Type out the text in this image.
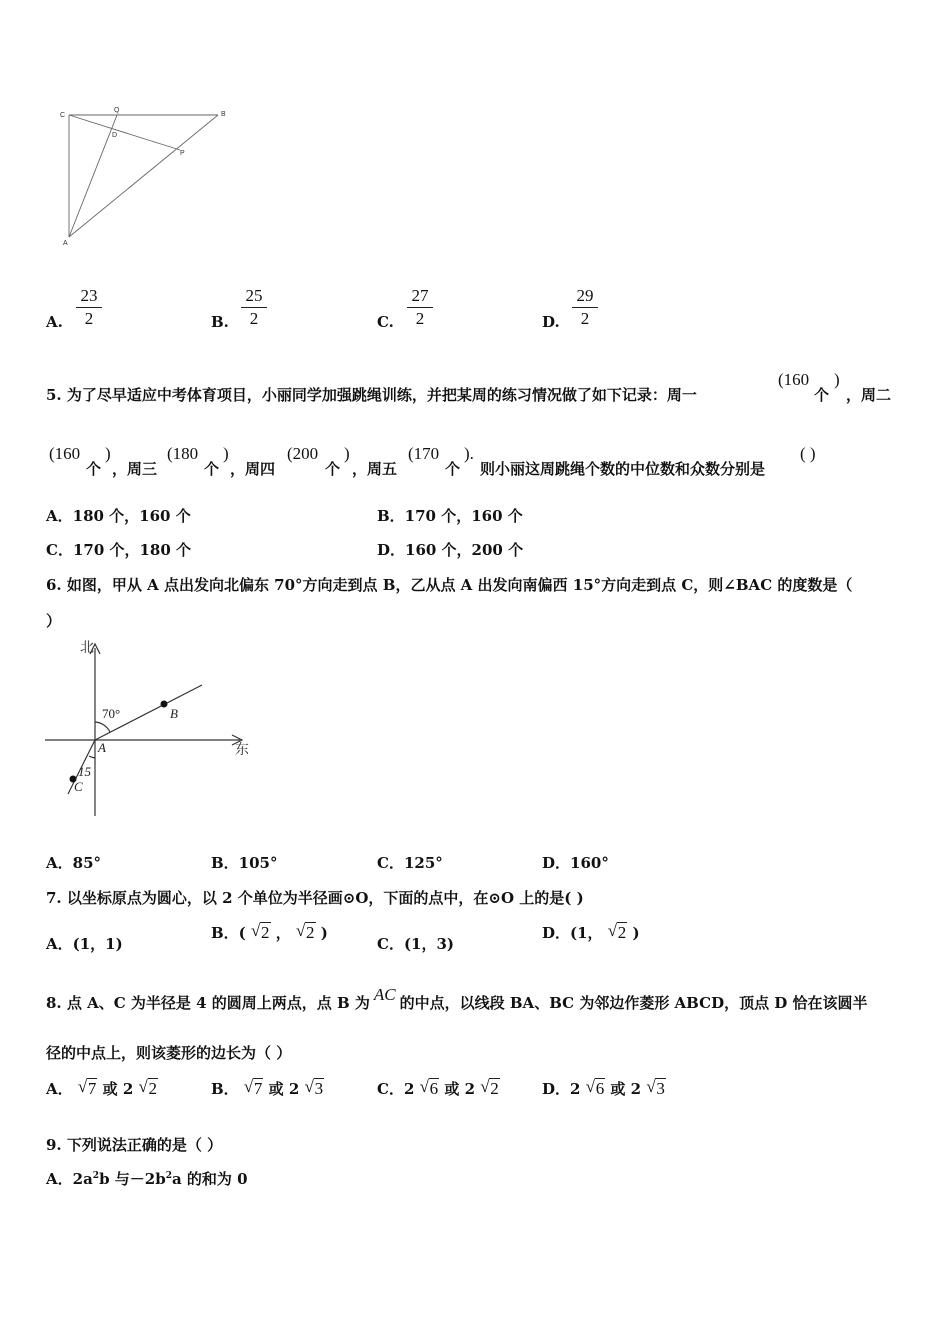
C
Q
B
D
P
A
A.
23
2	B.
25
2	C.
27
2	D.
29
2
5. 为了尽早适应中考体育项目，小丽同学加强跳绳训练，并把某周的练习情况做了如下记录：周一
(160
个
)
，周二
(160
个
)
，周三
(180
个
)
，周四
(200
个
)
，周五
(170
个
).
则小丽这周跳绳个数的中位数和众数分别是
( )
A．180 个，160 个	B．170 个，160 个
C．170 个，180 个	D．160 个，200 个
6. 如图，甲从 A 点出发向北偏东 70°方向走到点 B，乙从点 A 出发向南偏西 15°方向走到点 C，则∠BAC 的度数是（
）
北
东
70°
15
A
B
C
A．85°	B．105°	C．125°	D．160°
7. 以坐标原点为圆心，以 2 个单位为半径画⊙O，下面的点中，在⊙O 上的是( )
A．(1，1)
B．( √ 2 ， √ 2 )
C．(1，3)
D．(1， √ 2 )
8. 点 A、C 为半径是 4 的圆周上两点，点 B 为 AC 的中点，以线段 BA、BC 为邻边作菱形 ABCD，顶点 D 恰在该圆半
径的中点上，则该菱形的边长为（ ）
A． √ 7 或 2 √ 2	B． √ 7 或 2 √ 3	C．2 √ 6 或 2 √ 2	D．2 √ 6 或 2 √ 3
9. 下列说法正确的是（ ）
A．$2a^2b$ 与$-2b^2a$ 的和为 0
